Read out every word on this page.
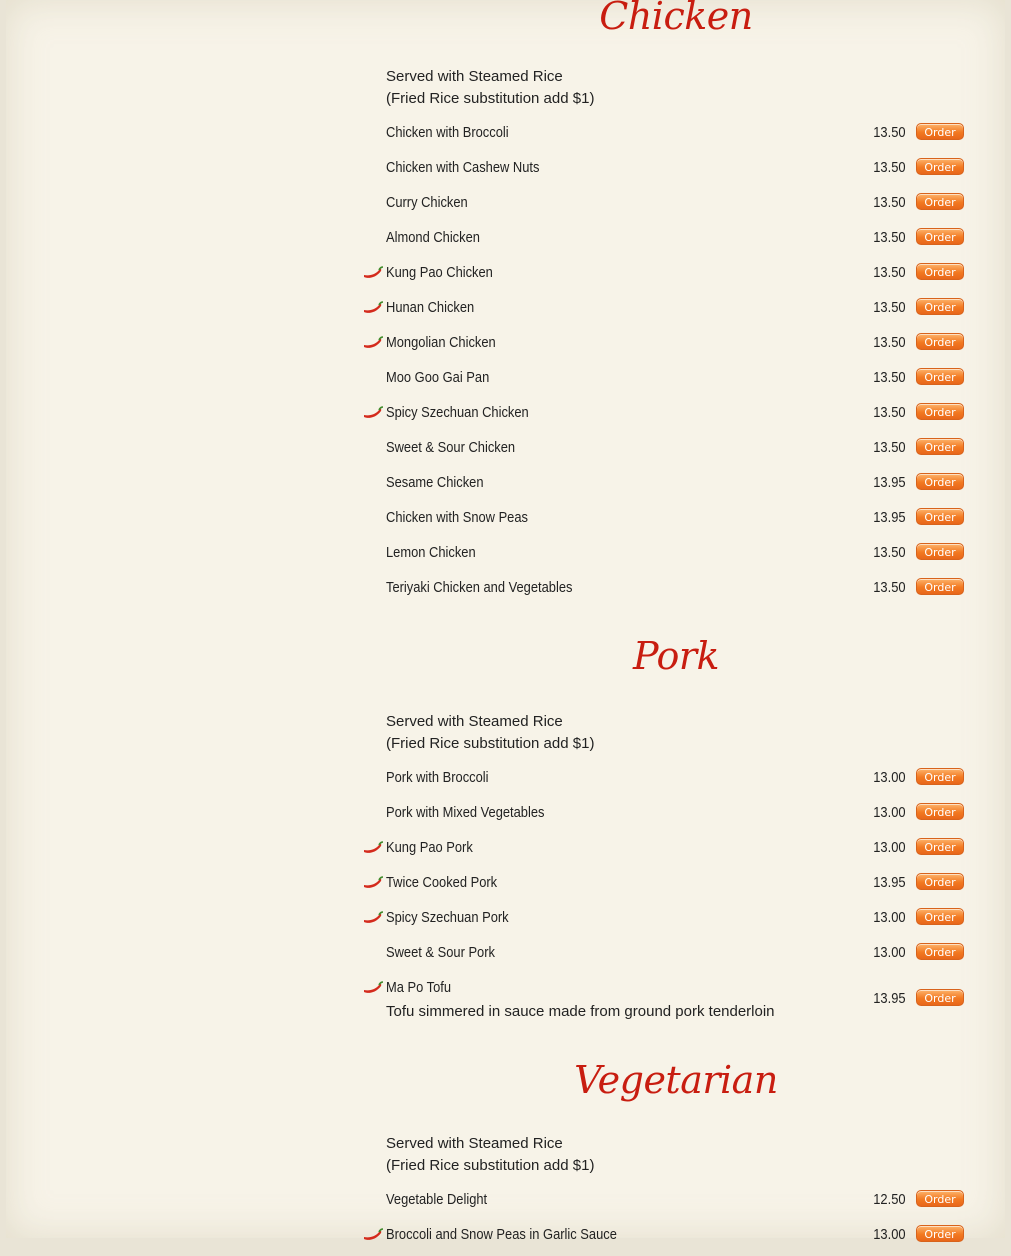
Chicken
Served with Steamed Rice
(Fried Rice substitution add $1)
Chicken with Broccoli	13.50	Order
Chicken with Cashew Nuts	13.50	Order
Curry Chicken	13.50	Order
Almond Chicken	13.50	Order
Kung Pao Chicken	13.50	Order
Hunan Chicken	13.50	Order
Mongolian Chicken	13.50	Order
Moo Goo Gai Pan	13.50	Order
Spicy Szechuan Chicken	13.50	Order
Sweet & Sour Chicken	13.50	Order
Sesame Chicken	13.95	Order
Chicken with Snow Peas	13.95	Order
Lemon Chicken	13.50	Order
Teriyaki Chicken and Vegetables	13.50	Order
Pork
Served with Steamed Rice
(Fried Rice substitution add $1)
Pork with Broccoli	13.00	Order
Pork with Mixed Vegetables	13.00	Order
Kung Pao Pork	13.00	Order
Twice Cooked Pork	13.95	Order
Spicy Szechuan Pork	13.00	Order
Sweet & Sour Pork	13.00	Order
Ma Po Tofu
Tofu simmered in sauce made from ground pork tenderloin
13.95	Order
Vegetarian
Served with Steamed Rice
(Fried Rice substitution add $1)
Vegetable Delight	12.50	Order
Broccoli and Snow Peas in Garlic Sauce	13.00	Order
